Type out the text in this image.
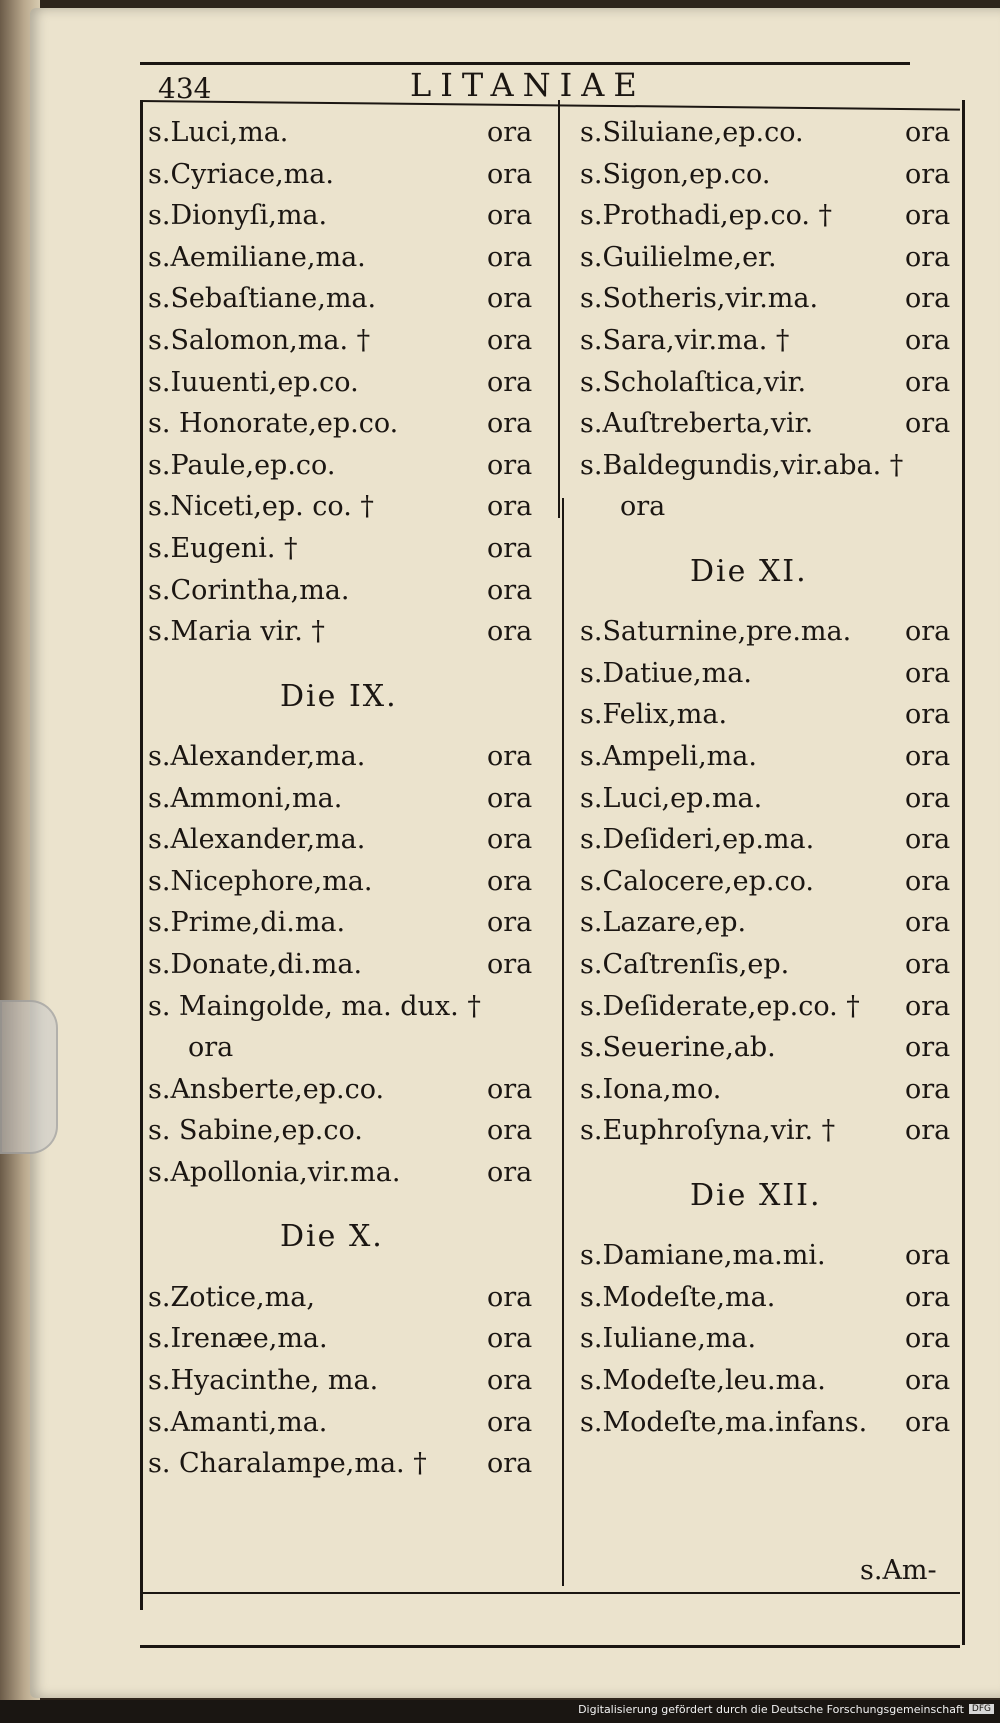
434	LITANIAE
s.Am-
Digitalisierung gefördert durch die Deutsche Forschungsgemeinschaft DFG
s.Luci,ma.	ora
s.Cyriace,ma.	ora
s.Dionyſi,ma.	ora
s.Aemiliane,ma.	ora
s.Sebaſtiane,ma.	ora
s.Salomon,ma. †	ora
s.Iuuenti,ep.co.	ora
s. Honorate,ep.co.	ora
s.Paule,ep.co.	ora
s.Niceti,ep. co. †	ora
s.Eugeni. †	ora
s.Corintha,ma.	ora
s.Maria vir. †	ora
Die IX.
s.Alexander,ma.	ora
s.Ammoni,ma.	ora
s.Alexander,ma.	ora
s.Nicephore,ma.	ora
s.Prime,di.ma.	ora
s.Donate,di.ma.	ora
s. Maingolde, ma. dux. †
ora
s.Ansberte,ep.co.	ora
s. Sabine,ep.co.	ora
s.Apollonia,vir.ma.	ora
Die X.
s.Zotice,ma,	ora
s.Irenæe,ma.	ora
s.Hyacinthe, ma.	ora
s.Amanti,ma.	ora
s. Charalampe,ma. † ora
s.Siluiane,ep.co.	ora
s.Sigon,ep.co.	ora
s.Prothadi,ep.co. †	ora
s.Guilielme,er.	ora
s.Sotheris,vir.ma.	ora
s.Sara,vir.ma. †	ora
s.Scholaſtica,vir.	ora
s.Auſtreberta,vir.	ora
s.Baldegundis,vir.aba. †
ora
Die XI.
s.Saturnine,pre.ma. ora
s.Datiue,ma.	ora
s.Felix,ma.	ora
s.Ampeli,ma.	ora
s.Luci,ep.ma.	ora
s.Deſideri,ep.ma.	ora
s.Calocere,ep.co.	ora
s.Lazare,ep.	ora
s.Caſtrenſis,ep.	ora
s.Deſiderate,ep.co. † ora
s.Seuerine,ab.	ora
s.Iona,mo.	ora
s.Euphroſyna,vir. †	ora
Die XII.
s.Damiane,ma.mi.	ora
s.Modeſte,ma.	ora
s.Iuliane,ma.	ora
s.Modeſte,leu.ma.	ora
s.Modeſte,ma.infans. ora
